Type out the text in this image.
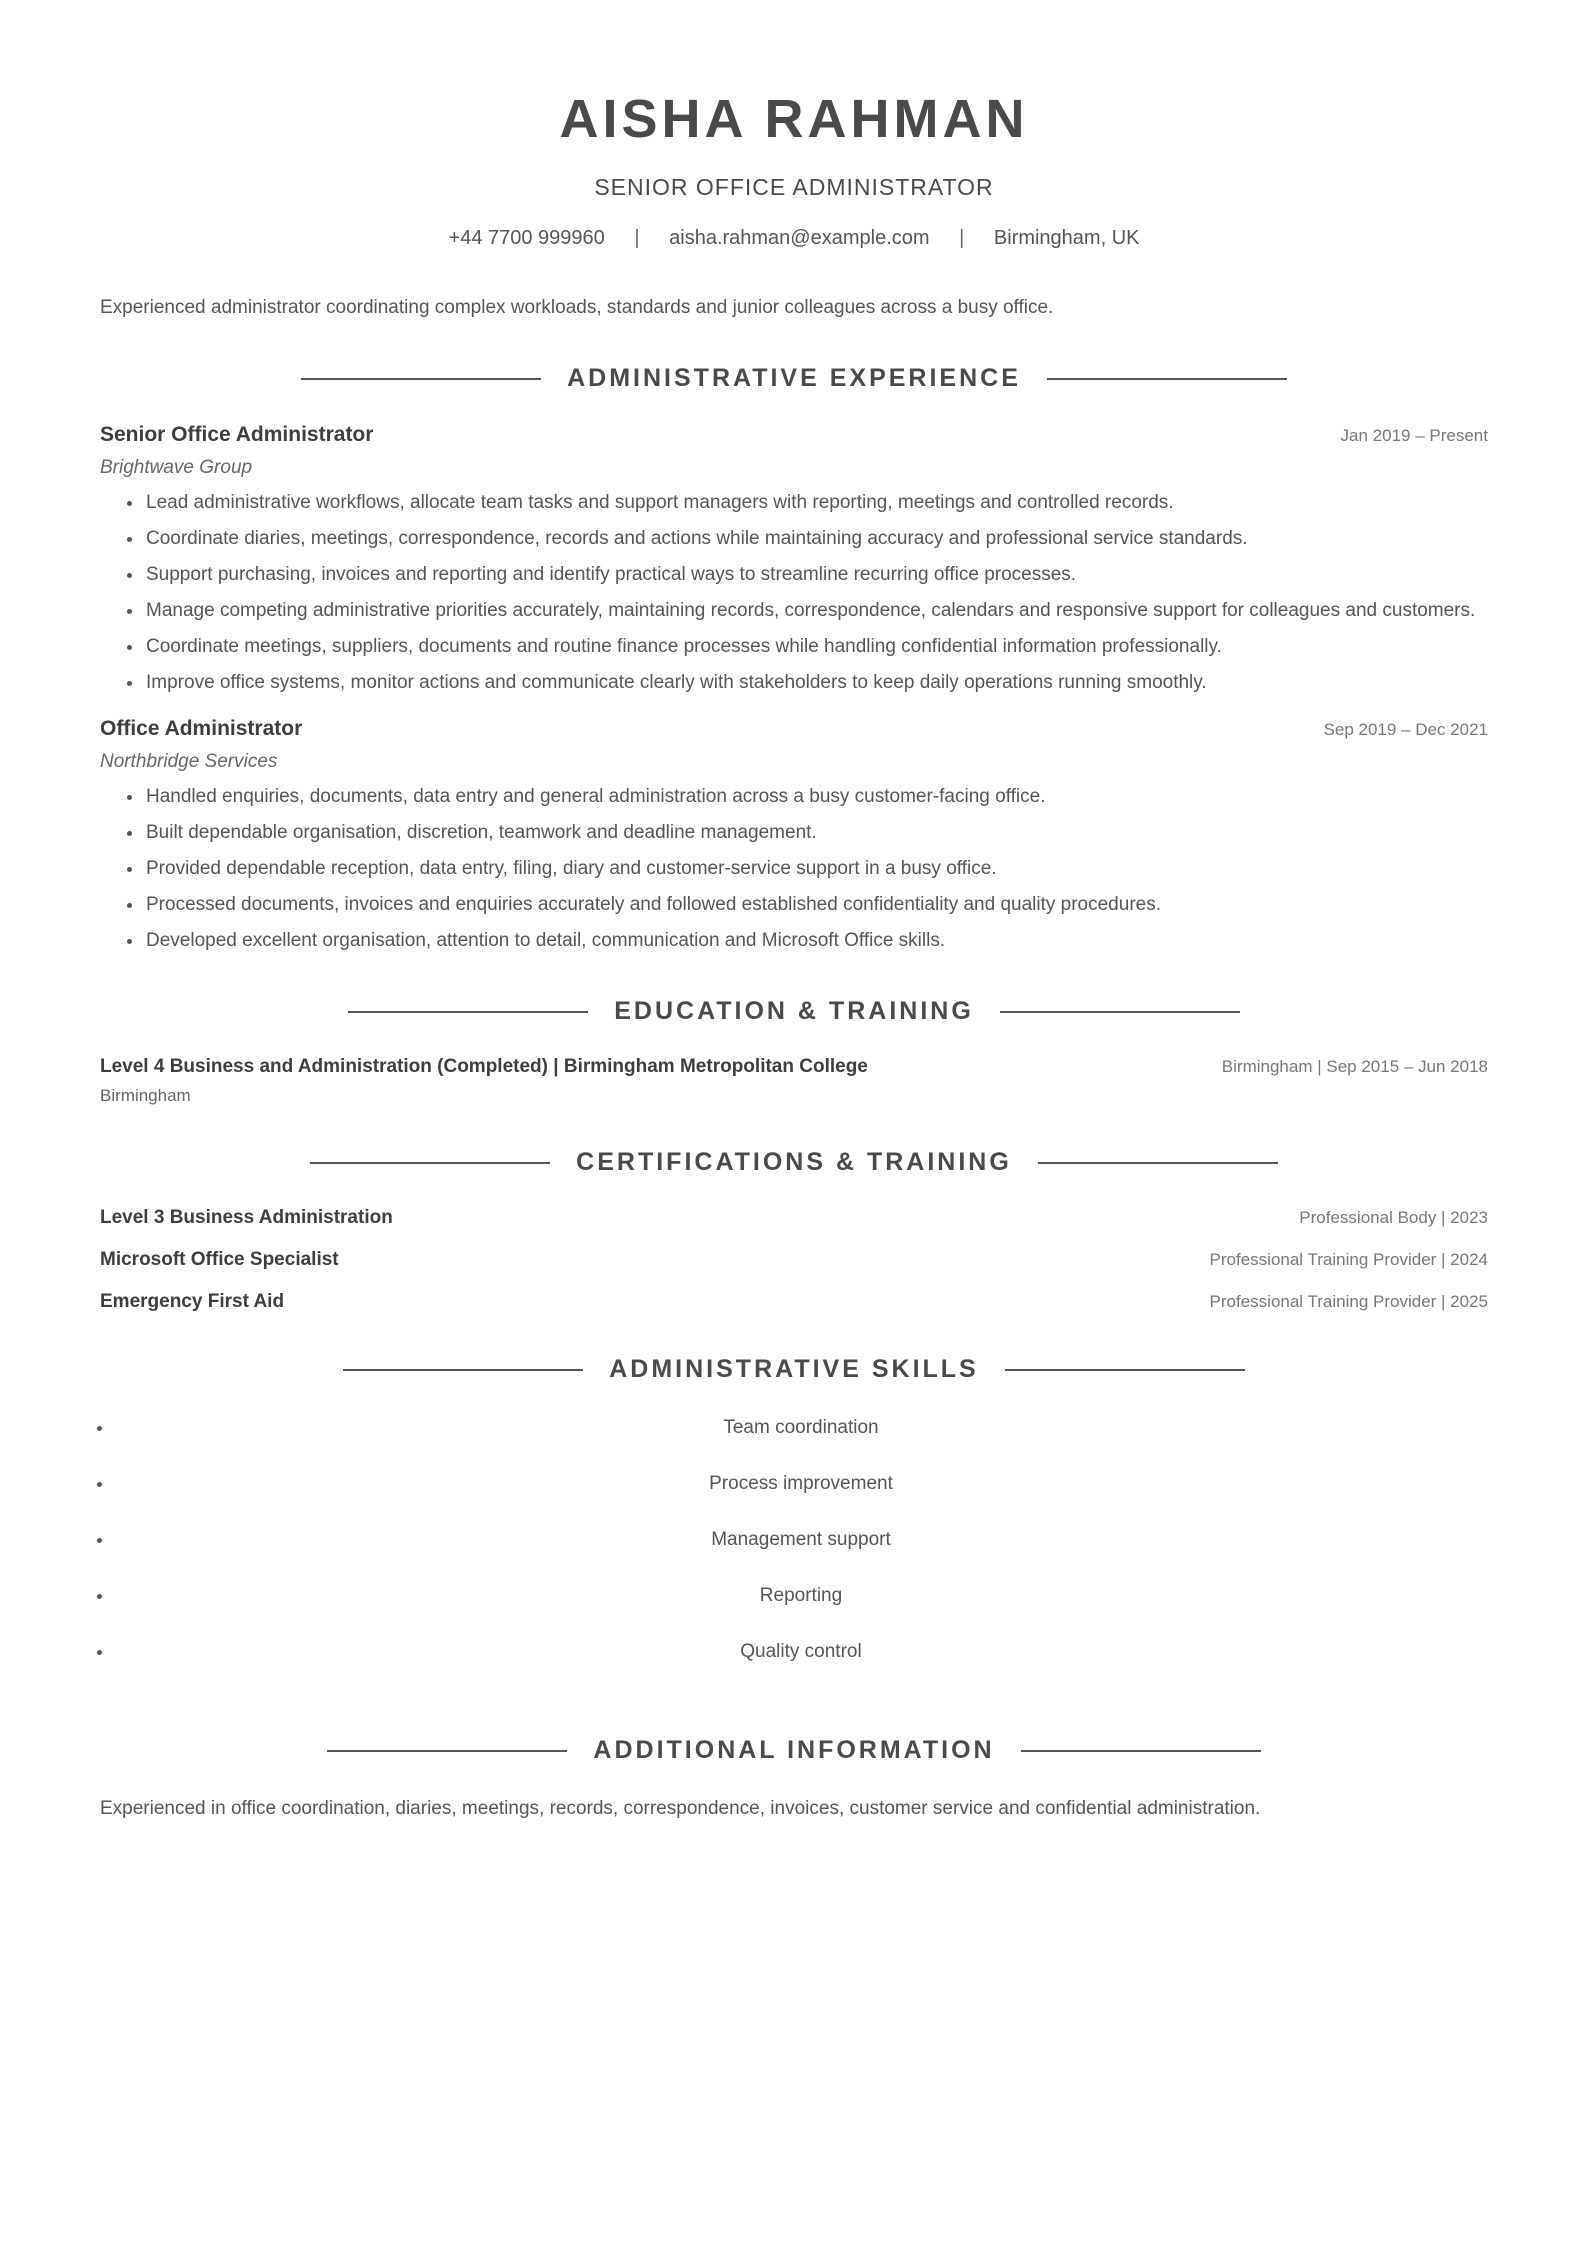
AISHA RAHMAN
SENIOR OFFICE ADMINISTRATOR
+44 7700 999960 | aisha.rahman@example.com | Birmingham, UK
Experienced administrator coordinating complex workloads, standards and junior colleagues across a busy office.
ADMINISTRATIVE EXPERIENCE
Senior Office Administrator	Jan 2019 – Present
Brightwave Group
• Lead administrative workflows, allocate team tasks and support managers with reporting, meetings and controlled records.
• Coordinate diaries, meetings, correspondence, records and actions while maintaining accuracy and professional service standards.
• Support purchasing, invoices and reporting and identify practical ways to streamline recurring office processes.
• Manage competing administrative priorities accurately, maintaining records, correspondence, calendars and responsive support for colleagues and customers.
• Coordinate meetings, suppliers, documents and routine finance processes while handling confidential information professionally.
• Improve office systems, monitor actions and communicate clearly with stakeholders to keep daily operations running smoothly.
Office Administrator	Sep 2019 – Dec 2021
Northbridge Services
• Handled enquiries, documents, data entry and general administration across a busy customer-facing office.
• Built dependable organisation, discretion, teamwork and deadline management.
• Provided dependable reception, data entry, filing, diary and customer-service support in a busy office.
• Processed documents, invoices and enquiries accurately and followed established confidentiality and quality procedures.
• Developed excellent organisation, attention to detail, communication and Microsoft Office skills.
EDUCATION & TRAINING
Level 4 Business and Administration (Completed) | Birmingham Metropolitan College	Birmingham | Sep 2015 – Jun 2018
Birmingham
CERTIFICATIONS & TRAINING
Level 3 Business Administration	Professional Body | 2023
Microsoft Office Specialist	Professional Training Provider | 2024
Emergency First Aid	Professional Training Provider | 2025
ADMINISTRATIVE SKILLS
• Team coordination
• Process improvement
• Management support
• Reporting
• Quality control
ADDITIONAL INFORMATION
Experienced in office coordination, diaries, meetings, records, correspondence, invoices, customer service and confidential administration.
